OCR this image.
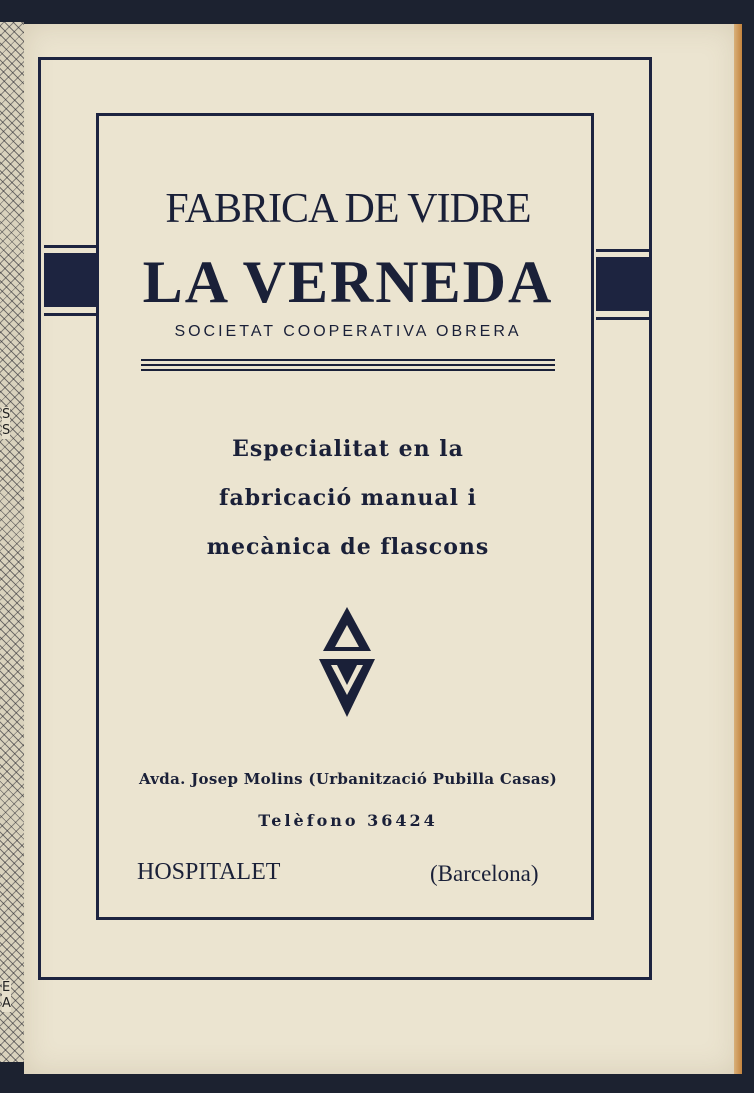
S
S
E
A
FABRICA DE VIDRE
LA VERNEDA
SOCIETAT COOPERATIVA OBRERA
Especialitat en la
fabricació manual i
mecànica de flascons
Avda. Josep Molins (Urbanització Pubilla Casas)
Telèfono 36424
HOSPITALET	(Barcelona)
